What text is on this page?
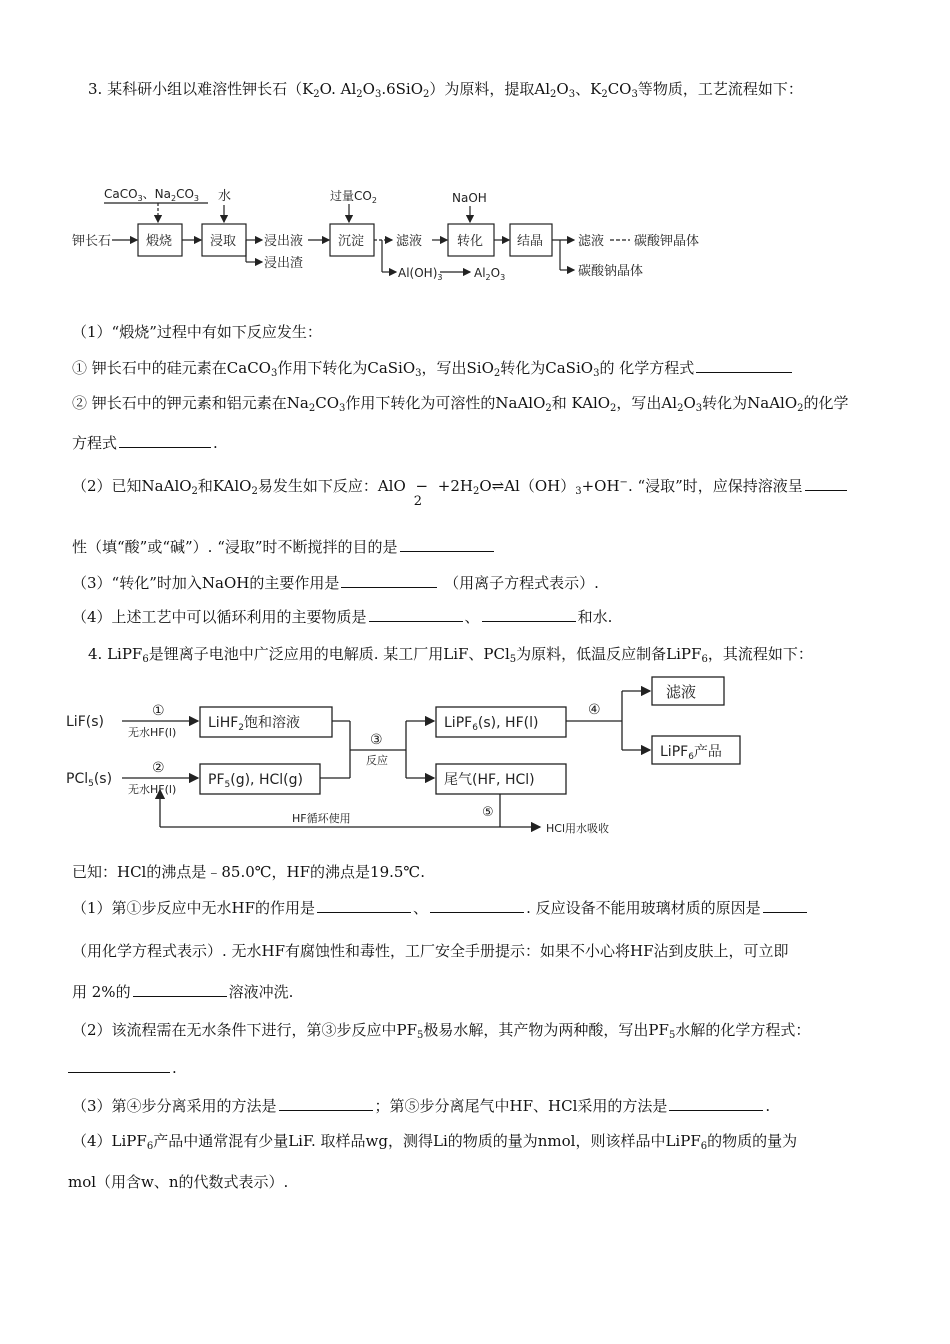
3. 某科研小组以难溶性钾长石（$K_2O$. $Al_2O_3.6SiO_2$）为原料，提取$Al_2O_3$、$K_2CO_3$等物质，工艺流程如下：
CaCO$_3$、$Na_2CO_3$ 水	过量$CO_2$	NaOH
钾长石	煅烧	浸取 浸出液
浸出渣
沉淀 滤液	转化	结晶	滤液 碳酸钾晶体
$Al(OH)_3$	$Al_2O_3$	碳酸钠晶体
（1）“煅烧”过程中有如下反应发生：
① 钾长石中的硅元素在CaCO$_3$作用下转化为CaSiO$_3$，写出SiO$_2$转化为CaSiO$_3$的 化学方程式
② 钾长石中的钾元素和铝元素在$Na_2CO_3$作用下转化为可溶性的NaAlO$_2$和 KAlO$_2$，写出$Al_2O_3$转化为NaAlO$_2$的化学
方程式	.
（2）已知NaAlO$_2$和KAlO$_2$易发生如下反应：AlO −
2
$+2H_2O\rightleftharpoons Al(OH)_3+OH^-$. “浸取”时，应保持溶液呈
性（填“酸”或“碱”）. “浸取”时不断搅拌的目的是
（3）“转化”时加入NaOH的主要作用是	（用离子方程式表示）.
（4）上述工艺中可以循环利用的主要物质是	、	和水.
4. LiPF$_6$是锂离子电池中广泛应用的电解质. 某工厂用LiF、PCl$_5$为原料，低温反应制备LiPF$_6$，其流程如下：
LiF(s)
PCl$_5$(s)
①
无水HF(l)
②
无水HF(l)
LiHF$_2$饱和溶液
$PF_5(g)$, HCl(g)
③
反应
LiPF$_6$(s), HF(l)
尾气(HF, HCl)
④
滤液
LiPF$_6$产品
⑤
HF循环使用
HCl用水吸收
已知：HCl的沸点是﹣85.0℃，HF的沸点是19.5℃.
（1）第①步反应中无水HF的作用是	、	. 反应设备不能用玻璃材质的原因是
（用化学方程式表示）. 无水HF有腐蚀性和毒性，工厂安全手册提示：如果不小心将HF沾到皮肤上，可立即
用 2%的	溶液冲洗.
（2）该流程需在无水条件下进行，第③步反应中$PF_5$极易水解，其产物为两种酸，写出$PF_5$水解的化学方程式：
.
（3）第④步分离采用的方法是	；第⑤步分离尾气中HF、HCl采用的方法是	.
（4）LiPF$_6$产品中通常混有少量LiF. 取样品wg，测得Li的物质的量为nmol，则该样品中LiPF$_6$的物质的量为
mol（用含w、n的代数式表示）.
